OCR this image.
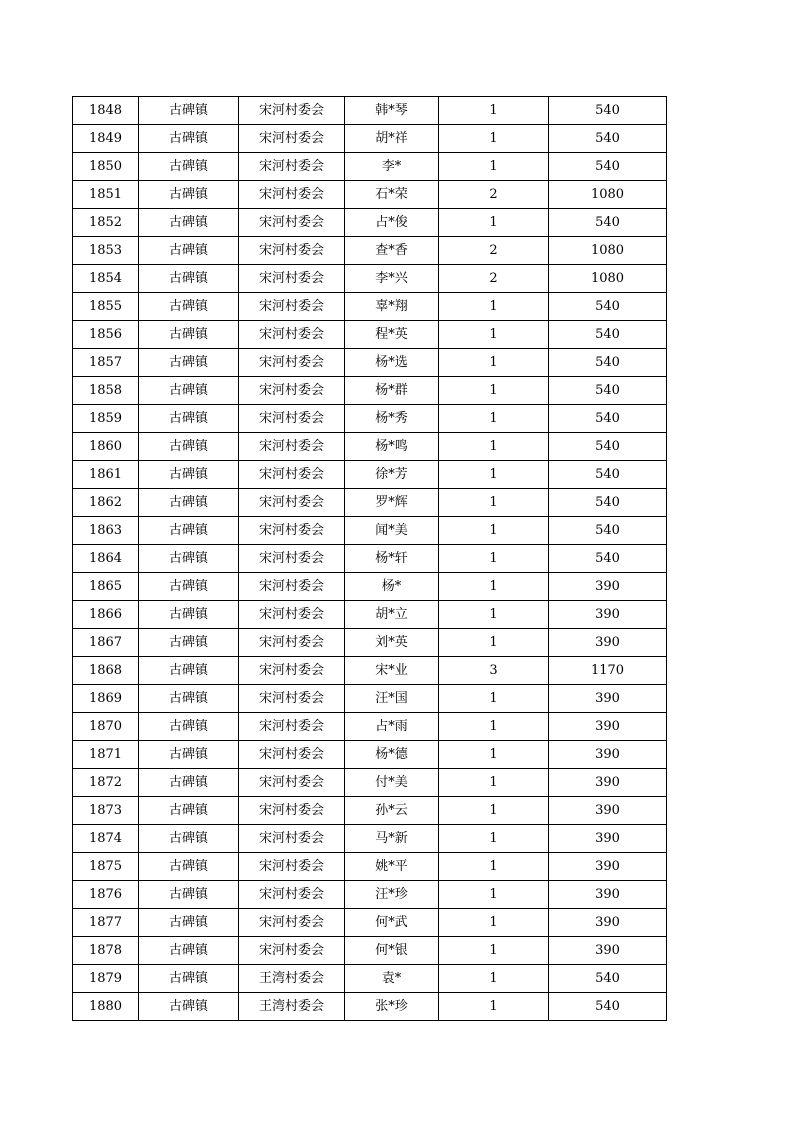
1848	古碑镇	宋河村委会	韩*琴	1	540
1849	古碑镇	宋河村委会	胡*祥	1	540
1850	古碑镇	宋河村委会	李*	1	540
1851	古碑镇	宋河村委会	石*荣	2	1080
1852	古碑镇	宋河村委会	占*俊	1	540
1853	古碑镇	宋河村委会	查*香	2	1080
1854	古碑镇	宋河村委会	李*兴	2	1080
1855	古碑镇	宋河村委会	辜*翔	1	540
1856	古碑镇	宋河村委会	程*英	1	540
1857	古碑镇	宋河村委会	杨*选	1	540
1858	古碑镇	宋河村委会	杨*群	1	540
1859	古碑镇	宋河村委会	杨*秀	1	540
1860	古碑镇	宋河村委会	杨*鸣	1	540
1861	古碑镇	宋河村委会	徐*芳	1	540
1862	古碑镇	宋河村委会	罗*辉	1	540
1863	古碑镇	宋河村委会	闻*美	1	540
1864	古碑镇	宋河村委会	杨*轩	1	540
1865	古碑镇	宋河村委会	杨*	1	390
1866	古碑镇	宋河村委会	胡*立	1	390
1867	古碑镇	宋河村委会	刘*英	1	390
1868	古碑镇	宋河村委会	宋*业	3	1170
1869	古碑镇	宋河村委会	汪*国	1	390
1870	古碑镇	宋河村委会	占*雨	1	390
1871	古碑镇	宋河村委会	杨*德	1	390
1872	古碑镇	宋河村委会	付*美	1	390
1873	古碑镇	宋河村委会	孙*云	1	390
1874	古碑镇	宋河村委会	马*新	1	390
1875	古碑镇	宋河村委会	姚*平	1	390
1876	古碑镇	宋河村委会	汪*珍	1	390
1877	古碑镇	宋河村委会	何*武	1	390
1878	古碑镇	宋河村委会	何*银	1	390
1879	古碑镇	王湾村委会	袁*	1	540
1880	古碑镇	王湾村委会	张*珍	1	540
